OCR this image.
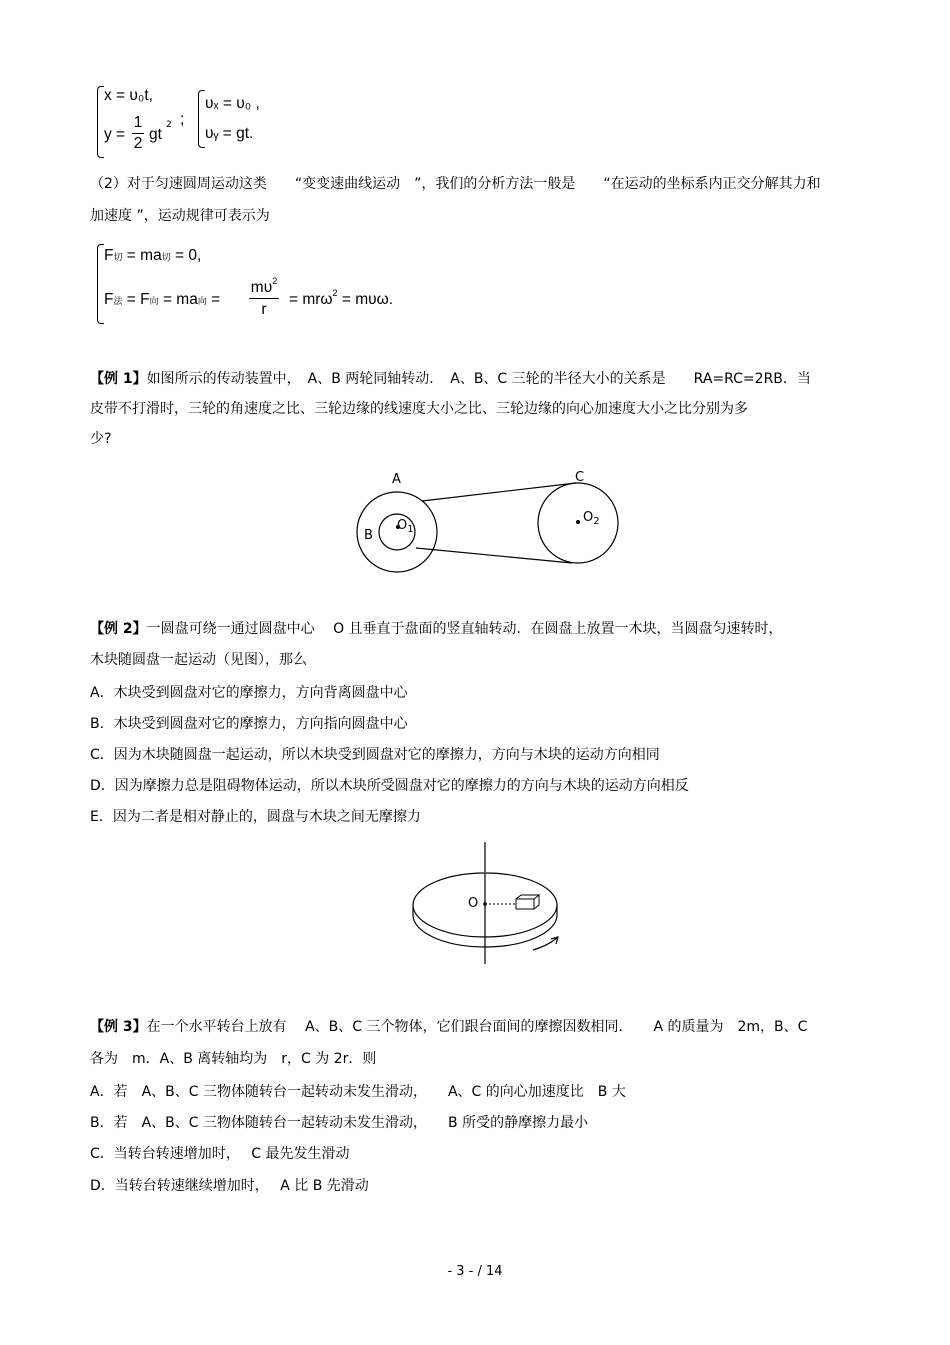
x = υ₀t,
$y = \frac{1}{2}$ gt
2 ;
υₓ = υ₀ ,
υᵧ = gt.
（2）对于匀速圆周运动这类　　“变变速曲线运动　”，我们的分析方法一般是　　“在运动的坐标系内正交分解其力和
加速度 ”，运动规律可表示为
F切 = ma切 = 0,
F法 = F向 = ma向 = $\frac{m\upsilon^2}{r} = mr\omega^2 = m\upsilon\omega$.
【例 1】如图所示的传动装置中，　A、B 两轮同轴转动．　A、B、C 三轮的半径大小的关系是　　RA=RC=2RB．当
皮带不打滑时，三轮的角速度之比、三轮边缘的线速度大小之比、三轮边缘的向心加速度大小之比分别为多
少?
A
B
C
$O_1$
$O_2$
【例 2】一圆盘可绕一通过圆盘中心　 O 且垂直于盘面的竖直轴转动．在圆盘上放置一木块，当圆盘匀速转时，
木块随圆盘一起运动（见图），那么
A．木块受到圆盘对它的摩擦力，方向背离圆盘中心
B．木块受到圆盘对它的摩擦力，方向指向圆盘中心
C．因为木块随圆盘一起运动，所以木块受到圆盘对它的摩擦力，方向与木块的运动方向相同
D．因为摩擦力总是阻碍物体运动，所以木块所受圆盘对它的摩擦力的方向与木块的运动方向相反
E．因为二者是相对静止的，圆盘与木块之间无摩擦力
O
【例 3】在一个水平转台上放有　 A、B、C 三个物体，它们跟台面间的摩擦因数相同．　　A 的质量为　2m，B、C
各为　m．A、B 离转轴均为　r，C 为 2r．则
A．若　A、B、C 三物体随转台一起转动未发生滑动，　　A、C 的向心加速度比　B 大
B．若　A、B、C 三物体随转台一起转动未发生滑动，　　B 所受的静摩擦力最小
C．当转台转速增加时，　 C 最先发生滑动
D．当转台转速继续增加时，　 A 比 B 先滑动
- 3 - / 14
